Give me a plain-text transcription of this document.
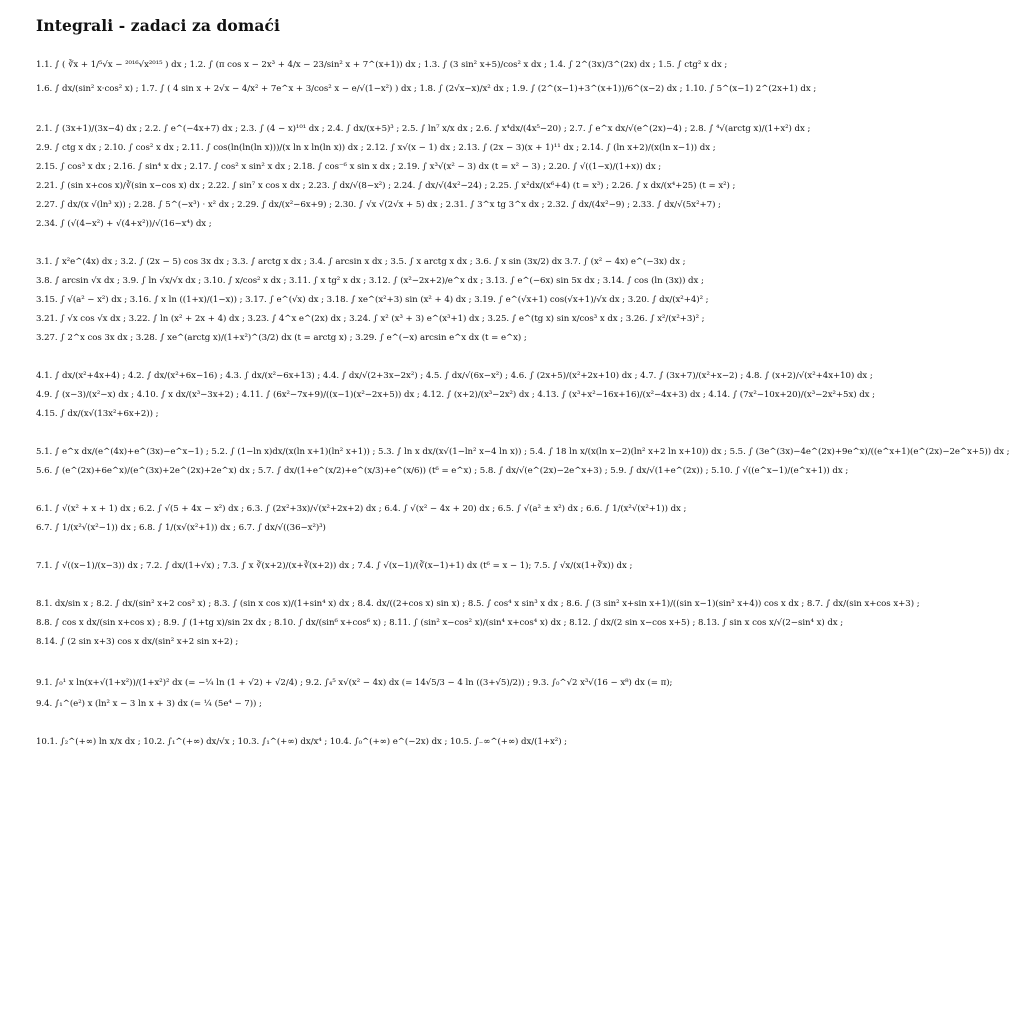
Integrali - zadaci za domaći
1.1. ∫ ( ∛x + 1/⁵√x − ²⁰¹⁶√x²⁰¹⁵ ) dx ; 1.2. ∫ (π cos x − 2x³ + 4/x − 23/sin² x + 7^(x+1)) dx ; 1.3. ∫ (3 sin² x+5)/cos² x dx ; 1.4. ∫ 2^(3x)/3^(2x) dx ; 1.5. ∫ ctg² x dx ;
1.6. ∫ dx/(sin² x·cos² x) ; 1.7. ∫ ( 4 sin x + 2√x − 4/x² + 7e^x + 3/cos² x − e/√(1−x²) ) dx ; 1.8. ∫ (2√x−x)/x² dx ; 1.9. ∫ (2^(x−1)+3^(x+1))/6^(x−2) dx ; 1.10. ∫ 5^(x−1) 2^(2x+1) dx ;
2.1. ∫ (3x+1)/(3x−4) dx ; 2.2. ∫ e^(−4x+7) dx ; 2.3. ∫ (4 − x)¹⁰¹ dx ; 2.4. ∫ dx/(x+5)³ ; 2.5. ∫ ln⁷ x/x dx ; 2.6. ∫ x⁴dx/(4x⁵−20) ; 2.7. ∫ e^x dx/√(e^(2x)−4) ; 2.8. ∫ ⁴√(arctg x)/(1+x²) dx ;
2.9. ∫ ctg x dx ; 2.10. ∫ cos² x dx ; 2.11. ∫ cos(ln(ln(ln x)))/(x ln x ln(ln x)) dx ; 2.12. ∫ x√(x − 1) dx ; 2.13. ∫ (2x − 3)(x + 1)¹¹ dx ; 2.14. ∫ (ln x+2)/(x(ln x−1)) dx ;
2.15. ∫ cos³ x dx ; 2.16. ∫ sin⁴ x dx ; 2.17. ∫ cos² x sin² x dx ; 2.18. ∫ cos⁻⁶ x sin x dx ; 2.19. ∫ x³√(x² − 3) dx (t = x² − 3) ; 2.20. ∫ √((1−x)/(1+x)) dx ;
2.21. ∫ (sin x+cos x)/∛(sin x−cos x) dx ; 2.22. ∫ sin⁷ x cos x dx ; 2.23. ∫ dx/√(8−x²) ; 2.24. ∫ dx/√(4x²−24) ; 2.25. ∫ x²dx/(x⁶+4) (t = x³) ; 2.26. ∫ x dx/(x⁴+25) (t = x²) ;
2.27. ∫ dx/(x √(ln³ x)) ; 2.28. ∫ 5^(−x³) · x² dx ; 2.29. ∫ dx/(x²−6x+9) ; 2.30. ∫ √x √(2√x + 5) dx ; 2.31. ∫ 3^x tg 3^x dx ; 2.32. ∫ dx/(4x²−9) ; 2.33. ∫ dx/√(5x²+7) ;
2.34. ∫ (√(4−x²) + √(4+x²))/√(16−x⁴) dx ;
3.1. ∫ x²e^(4x) dx ; 3.2. ∫ (2x − 5) cos 3x dx ; 3.3. ∫ arctg x dx ; 3.4. ∫ arcsin x dx ; 3.5. ∫ x arctg x dx ; 3.6. ∫ x sin (3x/2) dx 3.7. ∫ (x² − 4x) e^(−3x) dx ;
3.8. ∫ arcsin √x dx ; 3.9. ∫ ln √x/√x dx ; 3.10. ∫ x/cos² x dx ; 3.11. ∫ x tg² x dx ; 3.12. ∫ (x²−2x+2)/e^x dx ; 3.13. ∫ e^(−6x) sin 5x dx ; 3.14. ∫ cos (ln (3x)) dx ;
3.15. ∫ √(a² − x²) dx ; 3.16. ∫ x ln ((1+x)/(1−x)) ; 3.17. ∫ e^(√x) dx ; 3.18. ∫ xe^(x²+3) sin (x² + 4) dx ; 3.19. ∫ e^(√x+1) cos(√x+1)/√x dx ; 3.20. ∫ dx/(x²+4)² ;
3.21. ∫ √x cos √x dx ; 3.22. ∫ ln (x² + 2x + 4) dx ; 3.23. ∫ 4^x e^(2x) dx ; 3.24. ∫ x² (x³ + 3) e^(x³+1) dx ; 3.25. ∫ e^(tg x) sin x/cos³ x dx ; 3.26. ∫ x²/(x²+3)² ;
3.27. ∫ 2^x cos 3x dx ; 3.28. ∫ xe^(arctg x)/(1+x²)^(3/2) dx (t = arctg x) ; 3.29. ∫ e^(−x) arcsin e^x dx (t = e^x) ;
4.1. ∫ dx/(x²+4x+4) ; 4.2. ∫ dx/(x²+6x−16) ; 4.3. ∫ dx/(x²−6x+13) ; 4.4. ∫ dx/√(2+3x−2x²) ; 4.5. ∫ dx/√(6x−x²) ; 4.6. ∫ (2x+5)/(x²+2x+10) dx ; 4.7. ∫ (3x+7)/(x²+x−2) ; 4.8. ∫ (x+2)/√(x²+4x+10) dx ;
4.9. ∫ (x−3)/(x²−x) dx ; 4.10. ∫ x dx/(x³−3x+2) ; 4.11. ∫ (6x²−7x+9)/((x−1)(x²−2x+5)) dx ; 4.12. ∫ (x+2)/(x³−2x²) dx ; 4.13. ∫ (x³+x²−16x+16)/(x²−4x+3) dx ; 4.14. ∫ (7x²−10x+20)/(x³−2x²+5x) dx ;
4.15. ∫ dx/(x√(13x²+6x+2)) ;
5.1. ∫ e^x dx/(e^(4x)+e^(3x)−e^x−1) ; 5.2. ∫ (1−ln x)dx/(x(ln x+1)(ln² x+1)) ; 5.3. ∫ ln x dx/(x√(1−ln² x−4 ln x)) ; 5.4. ∫ 18 ln x/(x(ln x−2)(ln² x+2 ln x+10)) dx ; 5.5. ∫ (3e^(3x)−4e^(2x)+9e^x)/((e^x+1)(e^(2x)−2e^x+5)) dx ;
5.6. ∫ (e^(2x)+6e^x)/(e^(3x)+2e^(2x)+2e^x) dx ; 5.7. ∫ dx/(1+e^(x/2)+e^(x/3)+e^(x/6)) (t⁶ = e^x) ; 5.8. ∫ dx/√(e^(2x)−2e^x+3) ; 5.9. ∫ dx/√(1+e^(2x)) ; 5.10. ∫ √((e^x−1)/(e^x+1)) dx ;
6.1. ∫ √(x² + x + 1) dx ; 6.2. ∫ √(5 + 4x − x²) dx ; 6.3. ∫ (2x²+3x)/√(x²+2x+2) dx ; 6.4. ∫ √(x² − 4x + 20) dx ; 6.5. ∫ √(a² ± x²) dx ; 6.6. ∫ 1/(x²√(x²+1)) dx ;
6.7. ∫ 1/(x²√(x²−1)) dx ; 6.8. ∫ 1/(x√(x²+1)) dx ; 6.7. ∫ dx/√((36−x²)³)
7.1. ∫ √((x−1)/(x−3)) dx ; 7.2. ∫ dx/(1+√x) ; 7.3. ∫ x ∛(x+2)/(x+∛(x+2)) dx ; 7.4. ∫ √(x−1)/(∛(x−1)+1) dx (t⁶ = x − 1); 7.5. ∫ √x/(x(1+∛x)) dx ;
8.1. dx/sin x ; 8.2. ∫ dx/(sin² x+2 cos² x) ; 8.3. ∫ (sin x cos x)/(1+sin⁴ x) dx ; 8.4. dx/((2+cos x) sin x) ; 8.5. ∫ cos⁴ x sin³ x dx ; 8.6. ∫ (3 sin² x+sin x+1)/((sin x−1)(sin² x+4)) cos x dx ; 8.7. ∫ dx/(sin x+cos x+3) ;
8.8. ∫ cos x dx/(sin x+cos x) ; 8.9. ∫ (1+tg x)/sin 2x dx ; 8.10. ∫ dx/(sin⁶ x+cos⁶ x) ; 8.11. ∫ (sin² x−cos² x)/(sin⁴ x+cos⁴ x) dx ; 8.12. ∫ dx/(2 sin x−cos x+5) ; 8.13. ∫ sin x cos x/√(2−sin⁴ x) dx ;
8.14. ∫ (2 sin x+3) cos x dx/(sin² x+2 sin x+2) ;
9.1. ∫₀¹ x ln(x+√(1+x²))/(1+x²)² dx (= −¼ ln (1 + √2) + √2/4) ; 9.2. ∫₄⁵ x√(x² − 4x) dx (= 14√5/3 − 4 ln ((3+√5)/2)) ; 9.3. ∫₀^√2 x³√(16 − x⁸) dx (= π);
9.4. ∫₁^(e²) x (ln² x − 3 ln x + 3) dx (= ¼ (5e⁴ − 7)) ;
10.1. ∫₂^(+∞) ln x/x dx ; 10.2. ∫₁^(+∞) dx/√x ; 10.3. ∫₁^(+∞) dx/x⁴ ; 10.4. ∫₀^(+∞) e^(−2x) dx ; 10.5. ∫₋∞^(+∞) dx/(1+x²) ;
